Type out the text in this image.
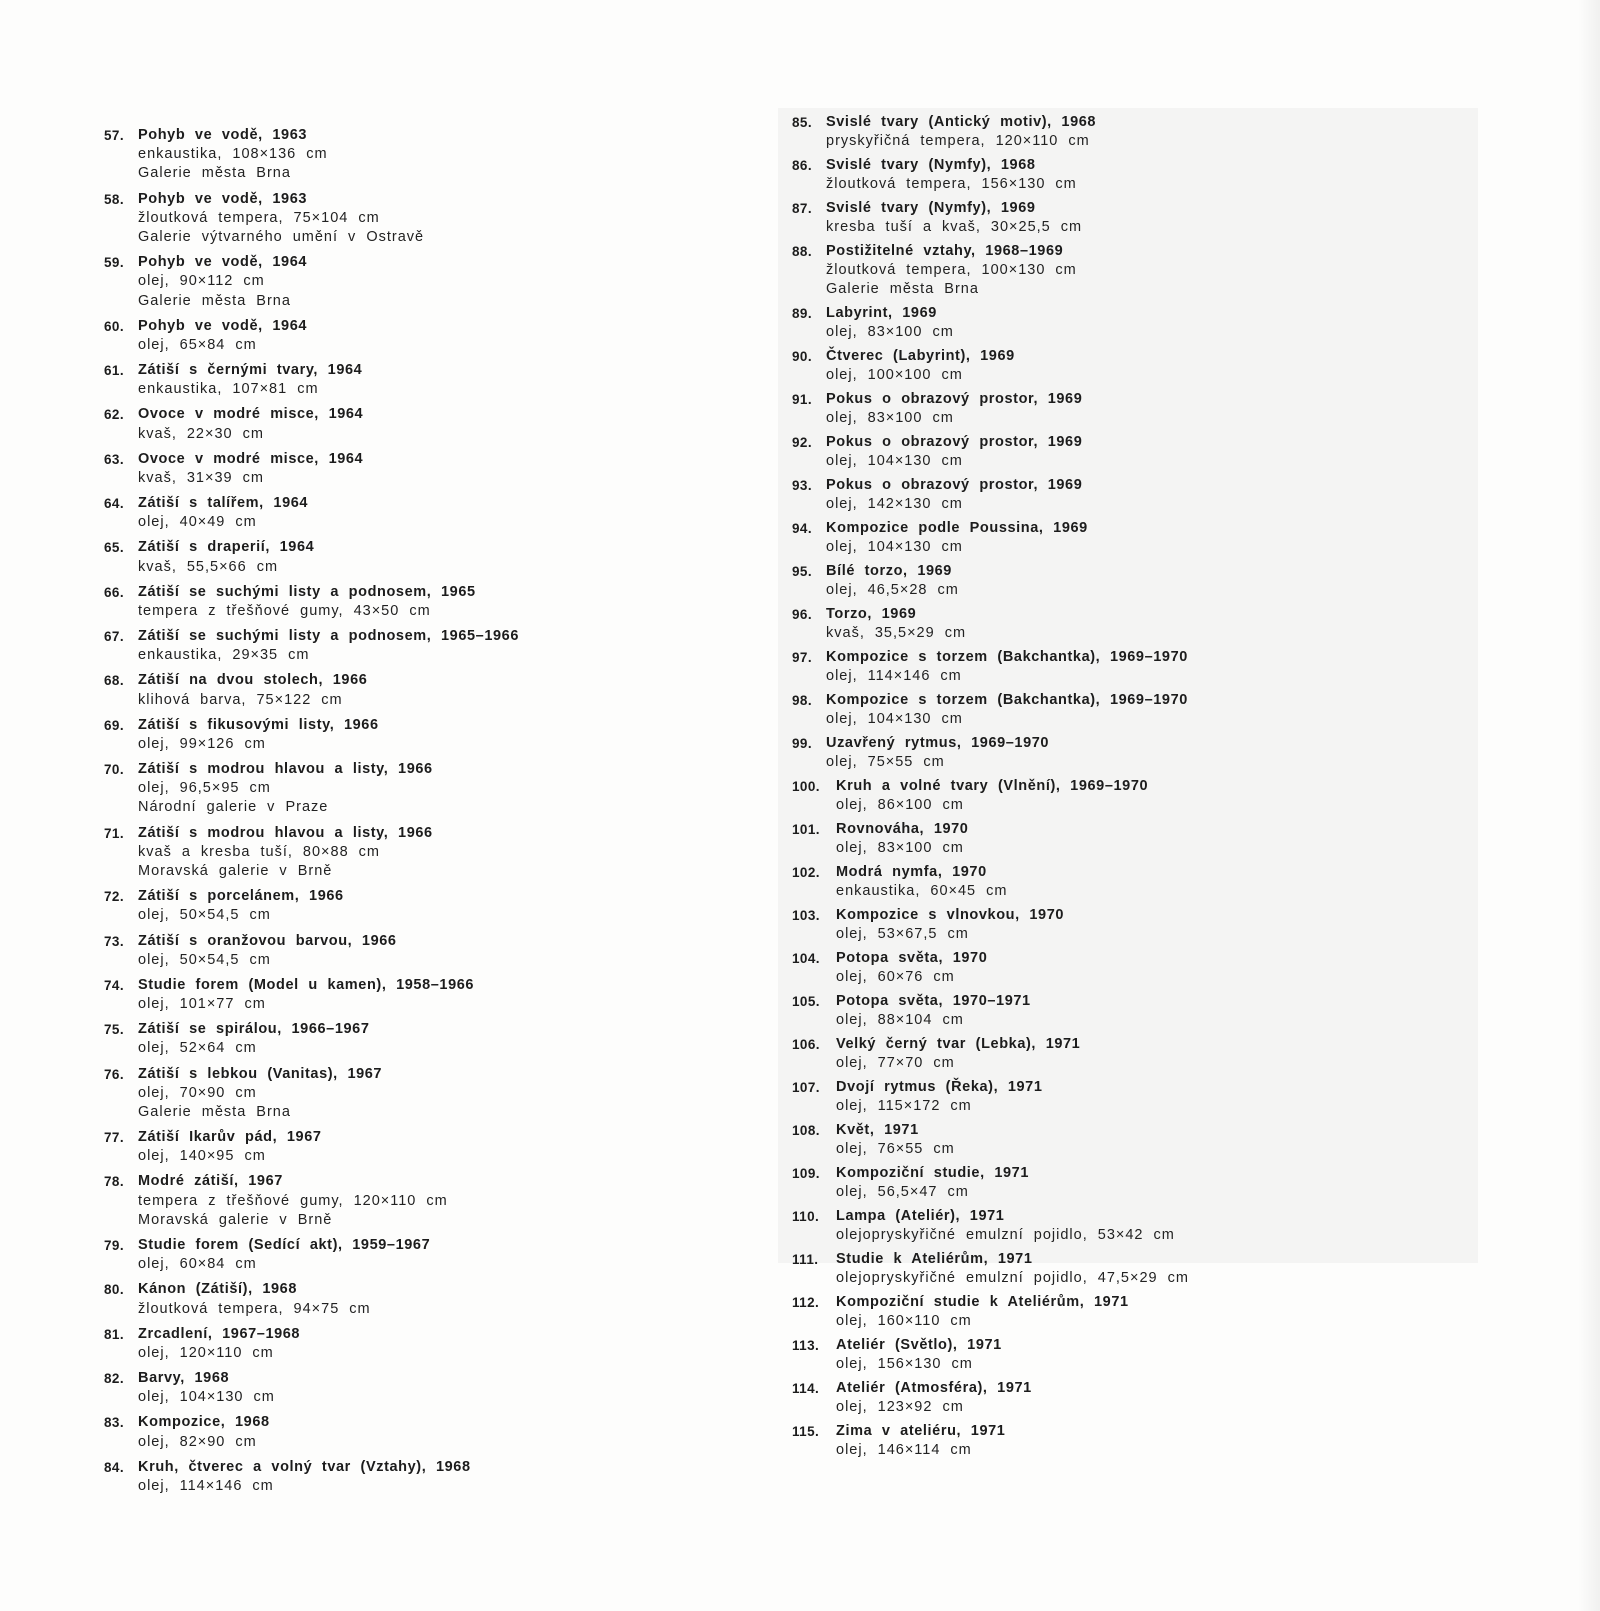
57. Pohyb ve vodě, 1963
enkaustika, 108×136 cm
Galerie města Brna
58. Pohyb ve vodě, 1963
žloutková tempera, 75×104 cm
Galerie výtvarného umění v Ostravě
59. Pohyb ve vodě, 1964
olej, 90×112 cm
Galerie města Brna
60. Pohyb ve vodě, 1964
olej, 65×84 cm
61. Zátiší s černými tvary, 1964
enkaustika, 107×81 cm
62. Ovoce v modré misce, 1964
kvaš, 22×30 cm
63. Ovoce v modré misce, 1964
kvaš, 31×39 cm
64. Zátiší s talířem, 1964
olej, 40×49 cm
65. Zátiší s draperií, 1964
kvaš, 55,5×66 cm
66. Zátiší se suchými listy a podnosem, 1965
tempera z třešňové gumy, 43×50 cm
67. Zátiší se suchými listy a podnosem, 1965–1966
enkaustika, 29×35 cm
68. Zátiší na dvou stolech, 1966
klihová barva, 75×122 cm
69. Zátiší s fikusovými listy, 1966
olej, 99×126 cm
70. Zátiší s modrou hlavou a listy, 1966
olej, 96,5×95 cm
Národní galerie v Praze
71. Zátiší s modrou hlavou a listy, 1966
kvaš a kresba tuší, 80×88 cm
Moravská galerie v Brně
72. Zátiší s porcelánem, 1966
olej, 50×54,5 cm
73. Zátiší s oranžovou barvou, 1966
olej, 50×54,5 cm
74. Studie forem (Model u kamen), 1958–1966
olej, 101×77 cm
75. Zátiší se spirálou, 1966–1967
olej, 52×64 cm
76. Zátiší s lebkou (Vanitas), 1967
olej, 70×90 cm
Galerie města Brna
77. Zátiší Ikarův pád, 1967
olej, 140×95 cm
78. Modré zátiší, 1967
tempera z třešňové gumy, 120×110 cm
Moravská galerie v Brně
79. Studie forem (Sedící akt), 1959–1967
olej, 60×84 cm
80. Kánon (Zátiší), 1968
žloutková tempera, 94×75 cm
81. Zrcadlení, 1967–1968
olej, 120×110 cm
82. Barvy, 1968
olej, 104×130 cm
83. Kompozice, 1968
olej, 82×90 cm
84. Kruh, čtverec a volný tvar (Vztahy), 1968
olej, 114×146 cm
85. Svislé tvary (Antický motiv), 1968
pryskyřičná tempera, 120×110 cm
86. Svislé tvary (Nymfy), 1968
žloutková tempera, 156×130 cm
87. Svislé tvary (Nymfy), 1969
kresba tuší a kvaš, 30×25,5 cm
88. Postižitelné vztahy, 1968–1969
žloutková tempera, 100×130 cm
Galerie města Brna
89. Labyrint, 1969
olej, 83×100 cm
90. Čtverec (Labyrint), 1969
olej, 100×100 cm
91. Pokus o obrazový prostor, 1969
olej, 83×100 cm
92. Pokus o obrazový prostor, 1969
olej, 104×130 cm
93. Pokus o obrazový prostor, 1969
olej, 142×130 cm
94. Kompozice podle Poussina, 1969
olej, 104×130 cm
95. Bílé torzo, 1969
olej, 46,5×28 cm
96. Torzo, 1969
kvaš, 35,5×29 cm
97. Kompozice s torzem (Bakchantka), 1969–1970
olej, 114×146 cm
98. Kompozice s torzem (Bakchantka), 1969–1970
olej, 104×130 cm
99. Uzavřený rytmus, 1969–1970
olej, 75×55 cm
100. Kruh a volné tvary (Vlnění), 1969–1970
olej, 86×100 cm
101. Rovnováha, 1970
olej, 83×100 cm
102. Modrá nymfa, 1970
enkaustika, 60×45 cm
103. Kompozice s vlnovkou, 1970
olej, 53×67,5 cm
104. Potopa světa, 1970
olej, 60×76 cm
105. Potopa světa, 1970–1971
olej, 88×104 cm
106. Velký černý tvar (Lebka), 1971
olej, 77×70 cm
107. Dvojí rytmus (Řeka), 1971
olej, 115×172 cm
108. Květ, 1971
olej, 76×55 cm
109. Kompoziční studie, 1971
olej, 56,5×47 cm
110. Lampa (Ateliér), 1971
olejopryskyřičné emulzní pojidlo, 53×42 cm
111. Studie k Ateliérům, 1971
olejopryskyřičné emulzní pojidlo, 47,5×29 cm
112. Kompoziční studie k Ateliérům, 1971
olej, 160×110 cm
113. Ateliér (Světlo), 1971
olej, 156×130 cm
114. Ateliér (Atmosféra), 1971
olej, 123×92 cm
115. Zima v ateliéru, 1971
olej, 146×114 cm
